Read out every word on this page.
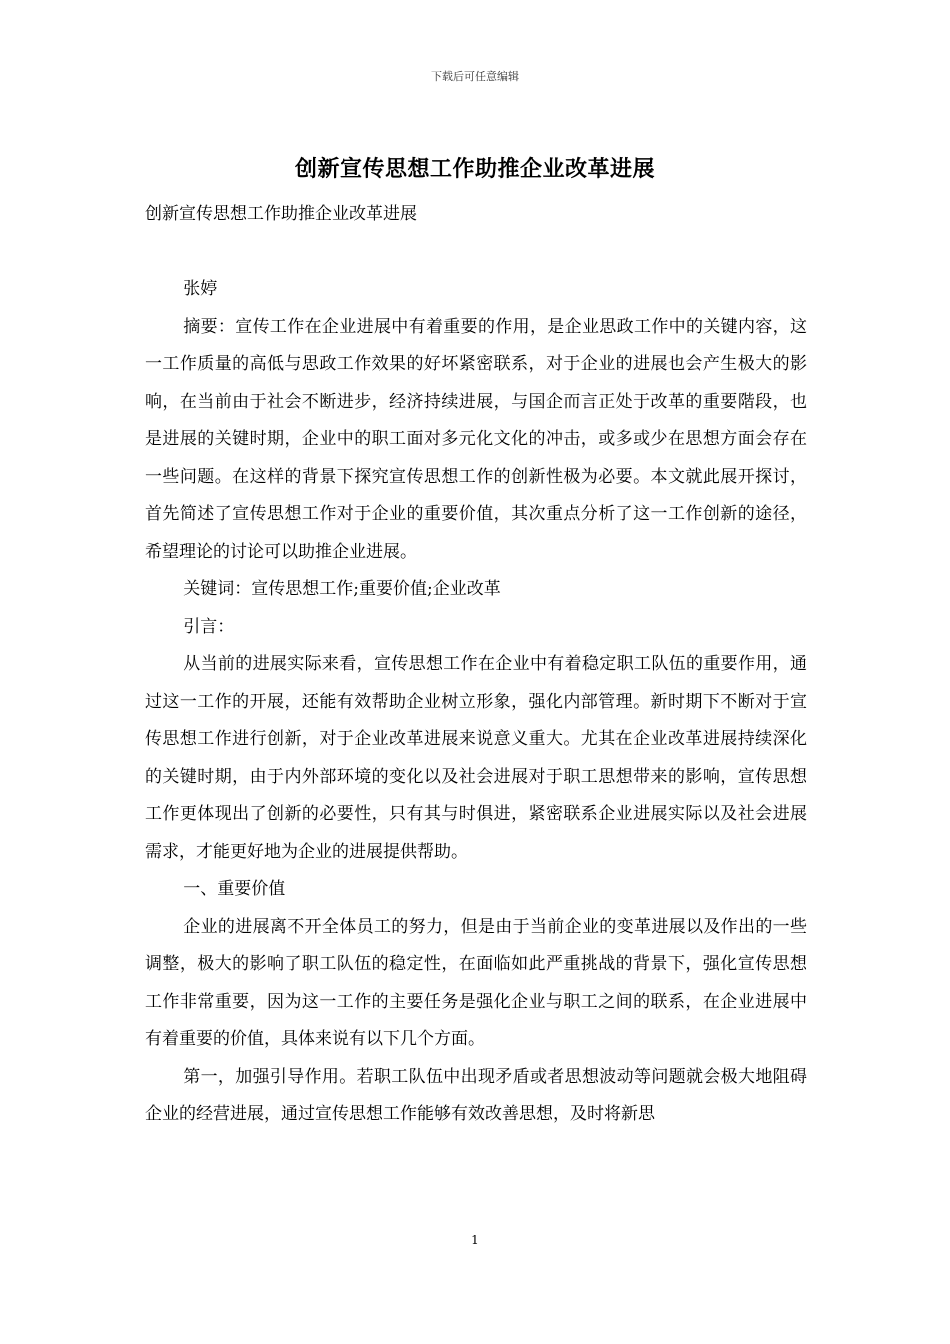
下载后可任意编辑
创新宣传思想工作助推企业改革进展

创新宣传思想工作助推企业改革进展

张婷

摘要：宣传工作在企业进展中有着重要的作用，是企业思政工作中的关键内容，这一工作质量的高低与思政工作效果的好坏紧密联系，对于企业的进展也会产生极大的影响，在当前由于社会不断进步，经济持续进展，与国企而言正处于改革的重要階段，也是进展的关键时期，企业中的职工面对多元化文化的冲击，或多或少在思想方面会存在一些问题。在这样的背景下探究宣传思想工作的创新性极为必要。本文就此展开探讨，首先简述了宣传思想工作对于企业的重要价值，其次重点分析了这一工作创新的途径，希望理论的讨论可以助推企业进展。

关键词：宣传思想工作;重要价值;企业改革

引言：

从当前的进展实际来看，宣传思想工作在企业中有着稳定职工队伍的重要作用，通过这一工作的开展，还能有效帮助企业树立形象，强化内部管理。新时期下不断对于宣传思想工作进行创新，对于企业改革进展来说意义重大。尤其在企业改革进展持续深化的关键时期，由于内外部环境的变化以及社会进展对于职工思想带来的影响，宣传思想工作更体现出了创新的必要性，只有其与时俱进，紧密联系企业进展实际以及社会进展需求，才能更好地为企业的进展提供帮助。

一、重要价值

企业的进展离不开全体员工的努力，但是由于当前企业的变革进展以及作出的一些调整，极大的影响了职工队伍的稳定性，在面临如此严重挑战的背景下，强化宣传思想工作非常重要，因为这一工作的主要任务是强化企业与职工之间的联系，在企业进展中有着重要的价值，具体来说有以下几个方面。

第一，加强引导作用。若职工队伍中出现矛盾或者思想波动等问题就会极大地阻碍企业的经营进展，通过宣传思想工作能够有效改善思想，及时将新思

1
